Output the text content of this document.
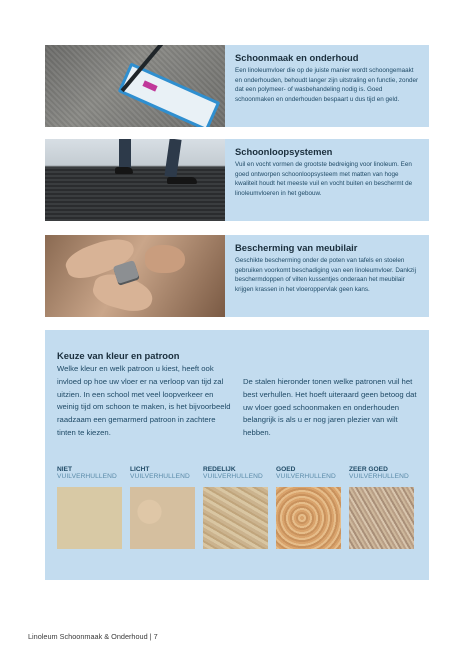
Schoonmaak en onderhoud

Een linoleumvloer die op de juiste manier wordt schoongemaakt en onderhouden, behoudt langer zijn uitstraling en functie, zonder dat een polymeer- of wasbehandeling nodig is. Goed schoonmaken en onderhouden bespaart u dus tijd en geld.

Schoonloopsystemen

Vuil en vocht vormen de grootste bedreiging voor linoleum. Een goed ontworpen schoonloopsysteem met matten van hoge kwaliteit houdt het meeste vuil en vocht buiten en beschermt de linoleumvloeren in het gebouw.

Bescherming van meubilair

Geschikte bescherming onder de poten van tafels en stoelen gebruiken voorkomt beschadiging van een linoleumvloer. Dankzij beschermdoppen of vilten kussentjes onderaan het meubilair krijgen krassen in het vloeroppervlak geen kans.

Keuze van kleur en patroon

Welke kleur en welk patroon u kiest, heeft ook invloed op hoe uw vloer er na verloop van tijd zal uitzien. In een school met veel loopverkeer en weinig tijd om schoon te maken, is het bijvoorbeeld raadzaam een gemarmerd patroon in zachtere tinten te kiezen.

De stalen hieronder tonen welke patronen vuil het best verhullen. Het hoeft uiteraard geen betoog dat uw vloer goed schoonmaken en onderhouden belangrijk is als u er nog jaren plezier van wilt hebben.

NIET
VUILVERHULLEND
LICHT
VUILVERHULLEND
REDELIJK
VUILVERHULLEND
GOED
VUILVERHULLEND
ZEER GOED
VUILVERHULLEND
Linoleum Schoonmaak & Onderhoud | 7
